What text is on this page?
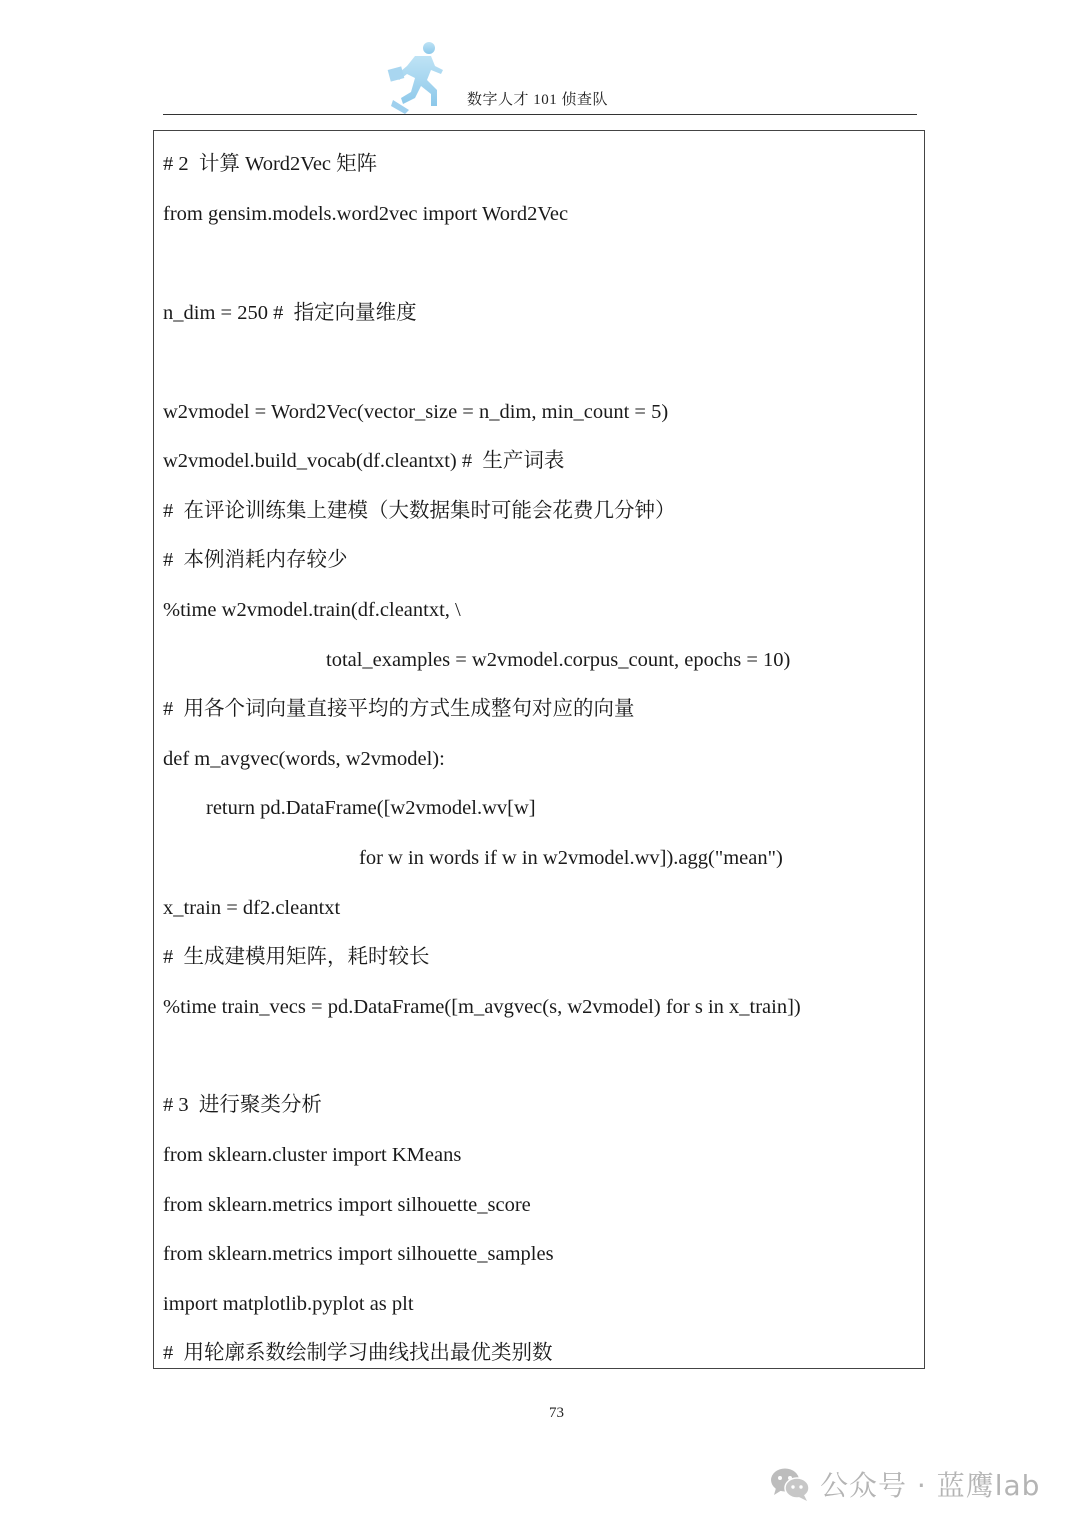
数字人才 101 侦查队
# 2  计算 Word2Vec 矩阵
from gensim.models.word2vec import Word2Vec
n_dim = 250 #  指定向量维度
w2vmodel = Word2Vec(vector_size = n_dim, min_count = 5)
w2vmodel.build_vocab(df.cleantxt) #  生产词表
#  在评论训练集上建模（大数据集时可能会花费几分钟）
#  本例消耗内存较少
%time w2vmodel.train(df.cleantxt, \
total_examples = w2vmodel.corpus_count, epochs = 10)
#  用各个词向量直接平均的方式生成整句对应的向量
def m_avgvec(words, w2vmodel):
return pd.DataFrame([w2vmodel.wv[w]
for w in words if w in w2vmodel.wv]).agg("mean")
x_train = df2.cleantxt
#  生成建模用矩阵，耗时较长
%time train_vecs = pd.DataFrame([m_avgvec(s, w2vmodel) for s in x_train])
# 3  进行聚类分析
from sklearn.cluster import KMeans
from sklearn.metrics import silhouette_score
from sklearn.metrics import silhouette_samples
import matplotlib.pyplot as plt
#  用轮廓系数绘制学习曲线找出最优类别数
73
公众号 · 蓝鹰lab
